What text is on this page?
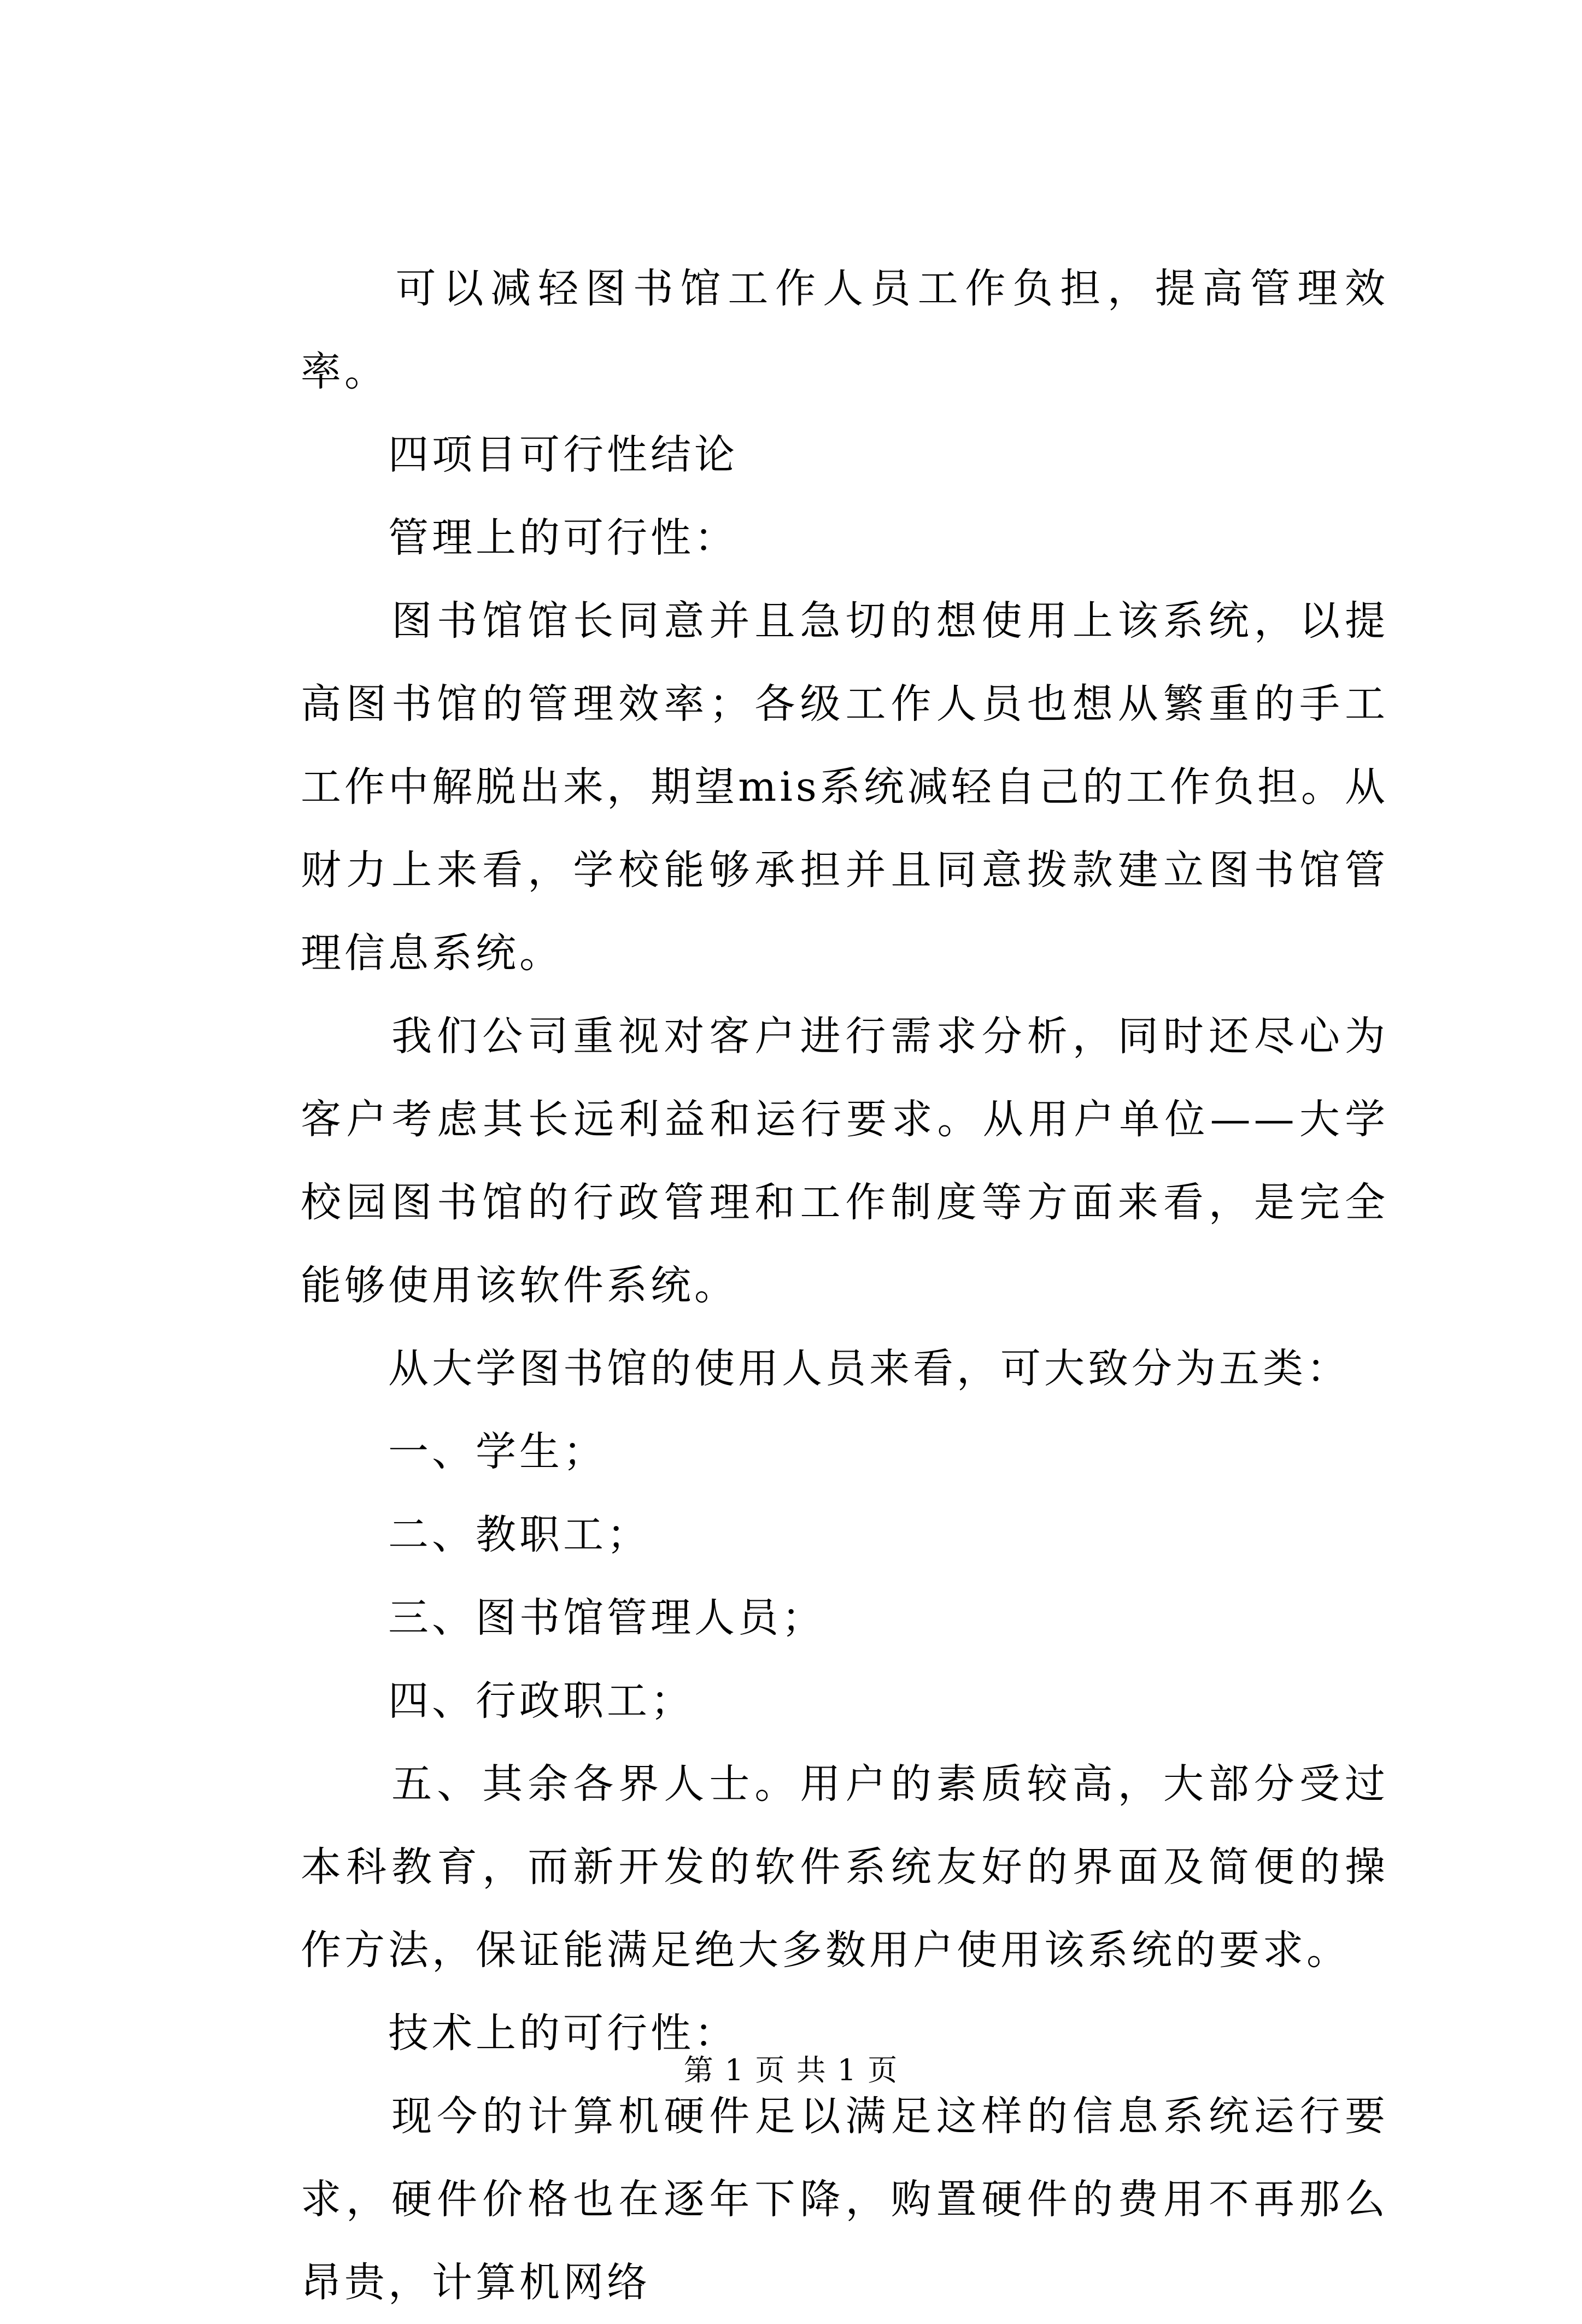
　　可以减轻图书馆工作人员工作负担，提高管理效率。

　　四项目可行性结论

　　管理上的可行性：

　　图书馆馆长同意并且急切的想使用上该系统，以提高图书馆的管理效率；各级工作人员也想从繁重的手工工作中解脱出来，期望mis系统减轻自己的工作负担。从财力上来看，学校能够承担并且同意拨款建立图书馆管理信息系统。

　　我们公司重视对客户进行需求分析，同时还尽心为客户考虑其长远利益和运行要求。从用户单位——大学校园图书馆的行政管理和工作制度等方面来看，是完全能够使用该软件系统。

　　从大学图书馆的使用人员来看，可大致分为五类：

　　一、学生；

　　二、教职工；

　　三、图书馆管理人员；

　　四、行政职工；

　　五、其余各界人士。用户的素质较高，大部分受过本科教育，而新开发的软件系统友好的界面及简便的操作方法，保证能满足绝大多数用户使用该系统的要求。

　　技术上的可行性：

　　现今的计算机硬件足以满足这样的信息系统运行要求，硬件价格也在逐年下降，购置硬件的费用不再那么昂贵，计算机网络

第 1 页 共 1 页
